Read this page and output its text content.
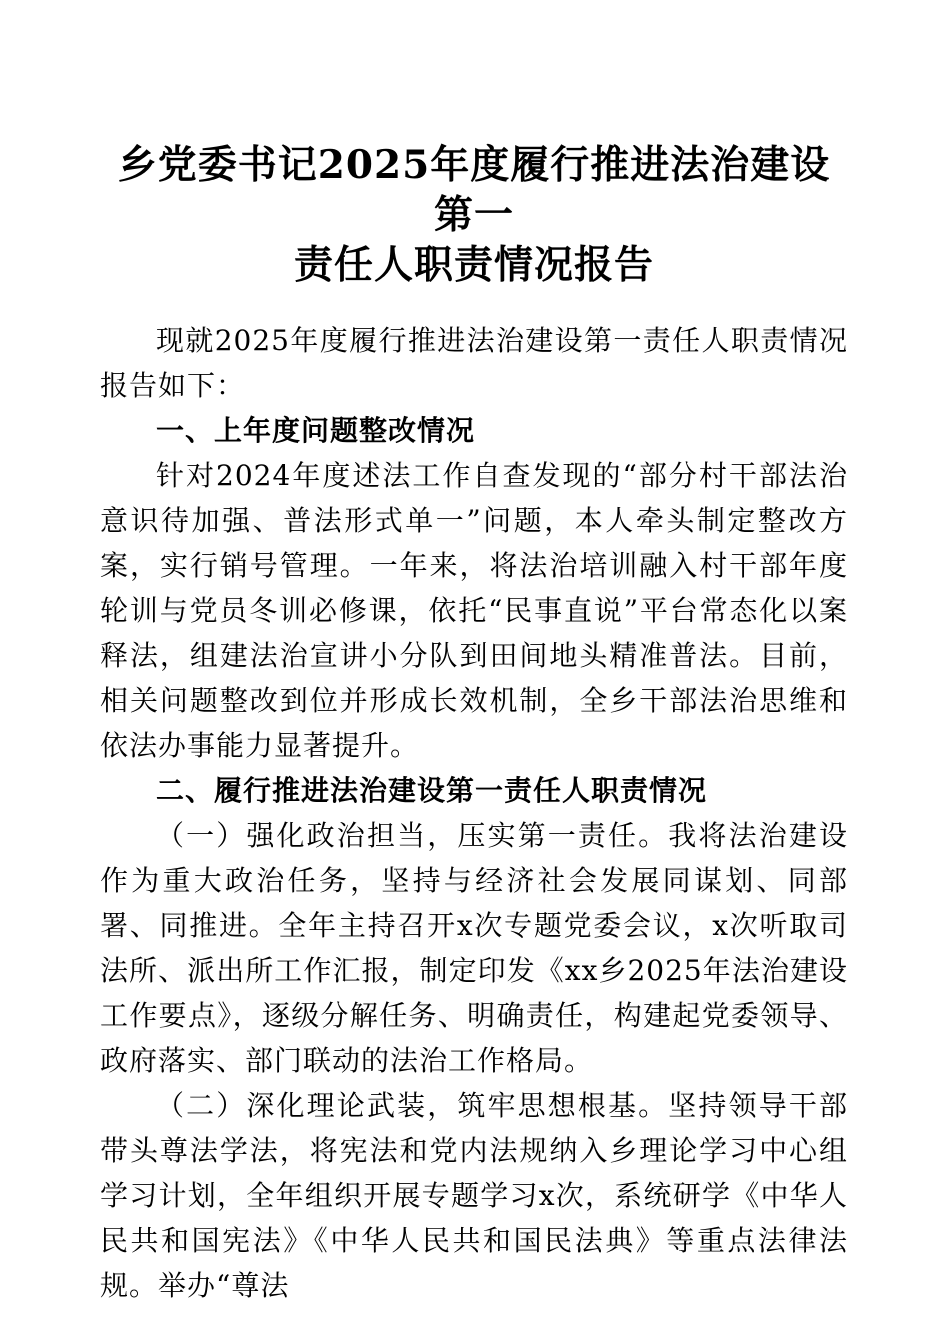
乡党委书记2025年度履行推进法治建设第一
责任人职责情况报告

现就2025年度履行推进法治建设第一责任人职责情况报告如下：

一、上年度问题整改情况

针对2024年度述法工作自查发现的“部分村干部法治意识待加强、普法形式单一”问题，本人牵头制定整改方案，实行销号管理。一年来，将法治培训融入村干部年度轮训与党员冬训必修课，依托“民事直说”平台常态化以案释法，组建法治宣讲小分队到田间地头精准普法。目前，相关问题整改到位并形成长效机制，全乡干部法治思维和依法办事能力显著提升。

二、履行推进法治建设第一责任人职责情况

（一）强化政治担当，压实第一责任。我将法治建设作为重大政治任务，坚持与经济社会发展同谋划、同部署、同推进。全年主持召开x次专题党委会议，x次听取司法所、派出所工作汇报，制定印发《xx乡2025年法治建设工作要点》，逐级分解任务、明确责任，构建起党委领导、政府落实、部门联动的法治工作格局。

（二）深化理论武装，筑牢思想根基。坚持领导干部带头尊法学法，将宪法和党内法规纳入乡理论学习中心组学习计划，全年组织开展专题学习x次，系统研学《中华人民共和国宪法》《中华人民共和国民法典》等重点法律法规。举办“尊法
